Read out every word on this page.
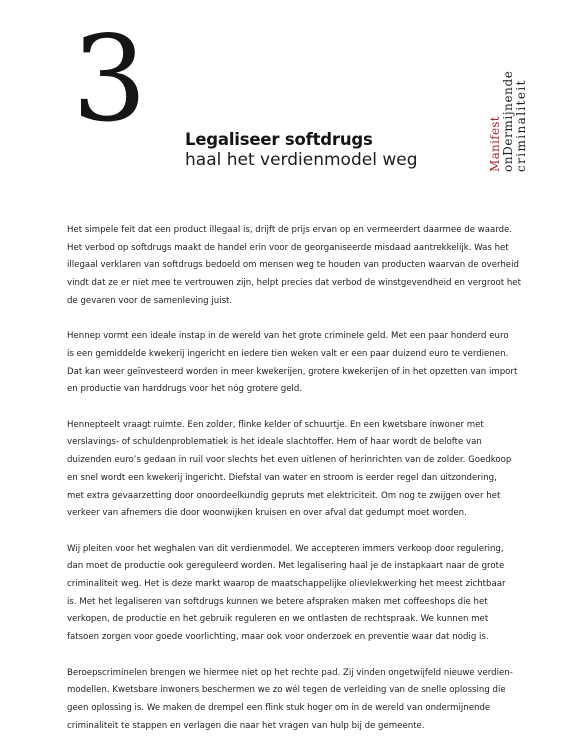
3 Legaliseer softdrugs
haal het verdienmodel weg	Manifest onDermijnende criminaliteit

Het simpele feit dat een product illegaal is, drijft de prijs ervan op en vermeerdert daarmee de waarde.
Het verbod op softdrugs maakt de handel erin voor de georganiseerde misdaad aantrekkelijk. Was het
illegaal verklaren van softdrugs bedoeld om mensen weg te houden van producten waarvan de overheid
vindt dat ze er niet mee te vertrouwen zijn, helpt precies dat verbod de winstgevendheid en vergroot het
de gevaren voor de samenleving juist.

Hennep vormt een ideale instap in de wereld van het grote criminele geld. Met een paar honderd euro
is een gemiddelde kwekerij ingericht en iedere tien weken valt er een paar duizend euro te verdienen.
Dat kan weer geïnvesteerd worden in meer kwekerijen, grotere kwekerijen of in het opzetten van import
en productie van harddrugs voor het nóg grotere geld.

Hennepteelt vraagt ruimte. Een zolder, flinke kelder of schuurtje. En een kwetsbare inwoner met
verslavings- of schuldenproblematiek is het ideale slachtoffer. Hem of haar wordt de belofte van
duizenden euro’s gedaan in ruil voor slechts het even uitlenen of herinrichten van de zolder. Goedkoop
en snel wordt een kwekerij ingericht. Diefstal van water en stroom is eerder regel dan uitzondering,
met extra gevaarzetting door onoordeelkundig gepruts met elektriciteit. Om nog te zwijgen over het
verkeer van afnemers die door woonwijken kruisen en over afval dat gedumpt moet worden.

Wij pleiten voor het weghalen van dit verdienmodel. We accepteren immers verkoop door regulering,
dan moet de productie ook gereguleerd worden. Met legalisering haal je de instapkaart naar de grote
criminaliteit weg. Het is deze markt waarop de maatschappelijke olievlekwerking het meest zichtbaar
is. Met het legaliseren van softdrugs kunnen we betere afspraken maken met coffeeshops die het
verkopen, de productie en het gebruik reguleren en we ontlasten de rechtspraak. We kunnen met
fatsoen zorgen voor goede voorlichting, maar ook voor onderzoek en preventie waar dat nodig is.

Beroepscriminelen brengen we hiermee niet op het rechte pad. Zij vinden ongetwijfeld nieuwe verdien-
modellen. Kwetsbare inwoners beschermen we zo wél tegen de verleiding van de snelle oplossing die
geen oplossing is. We maken de drempel een flink stuk hoger om in de wereld van ondermijnende
criminaliteit te stappen en verlagen die naar het vragen van hulp bij de gemeente.
